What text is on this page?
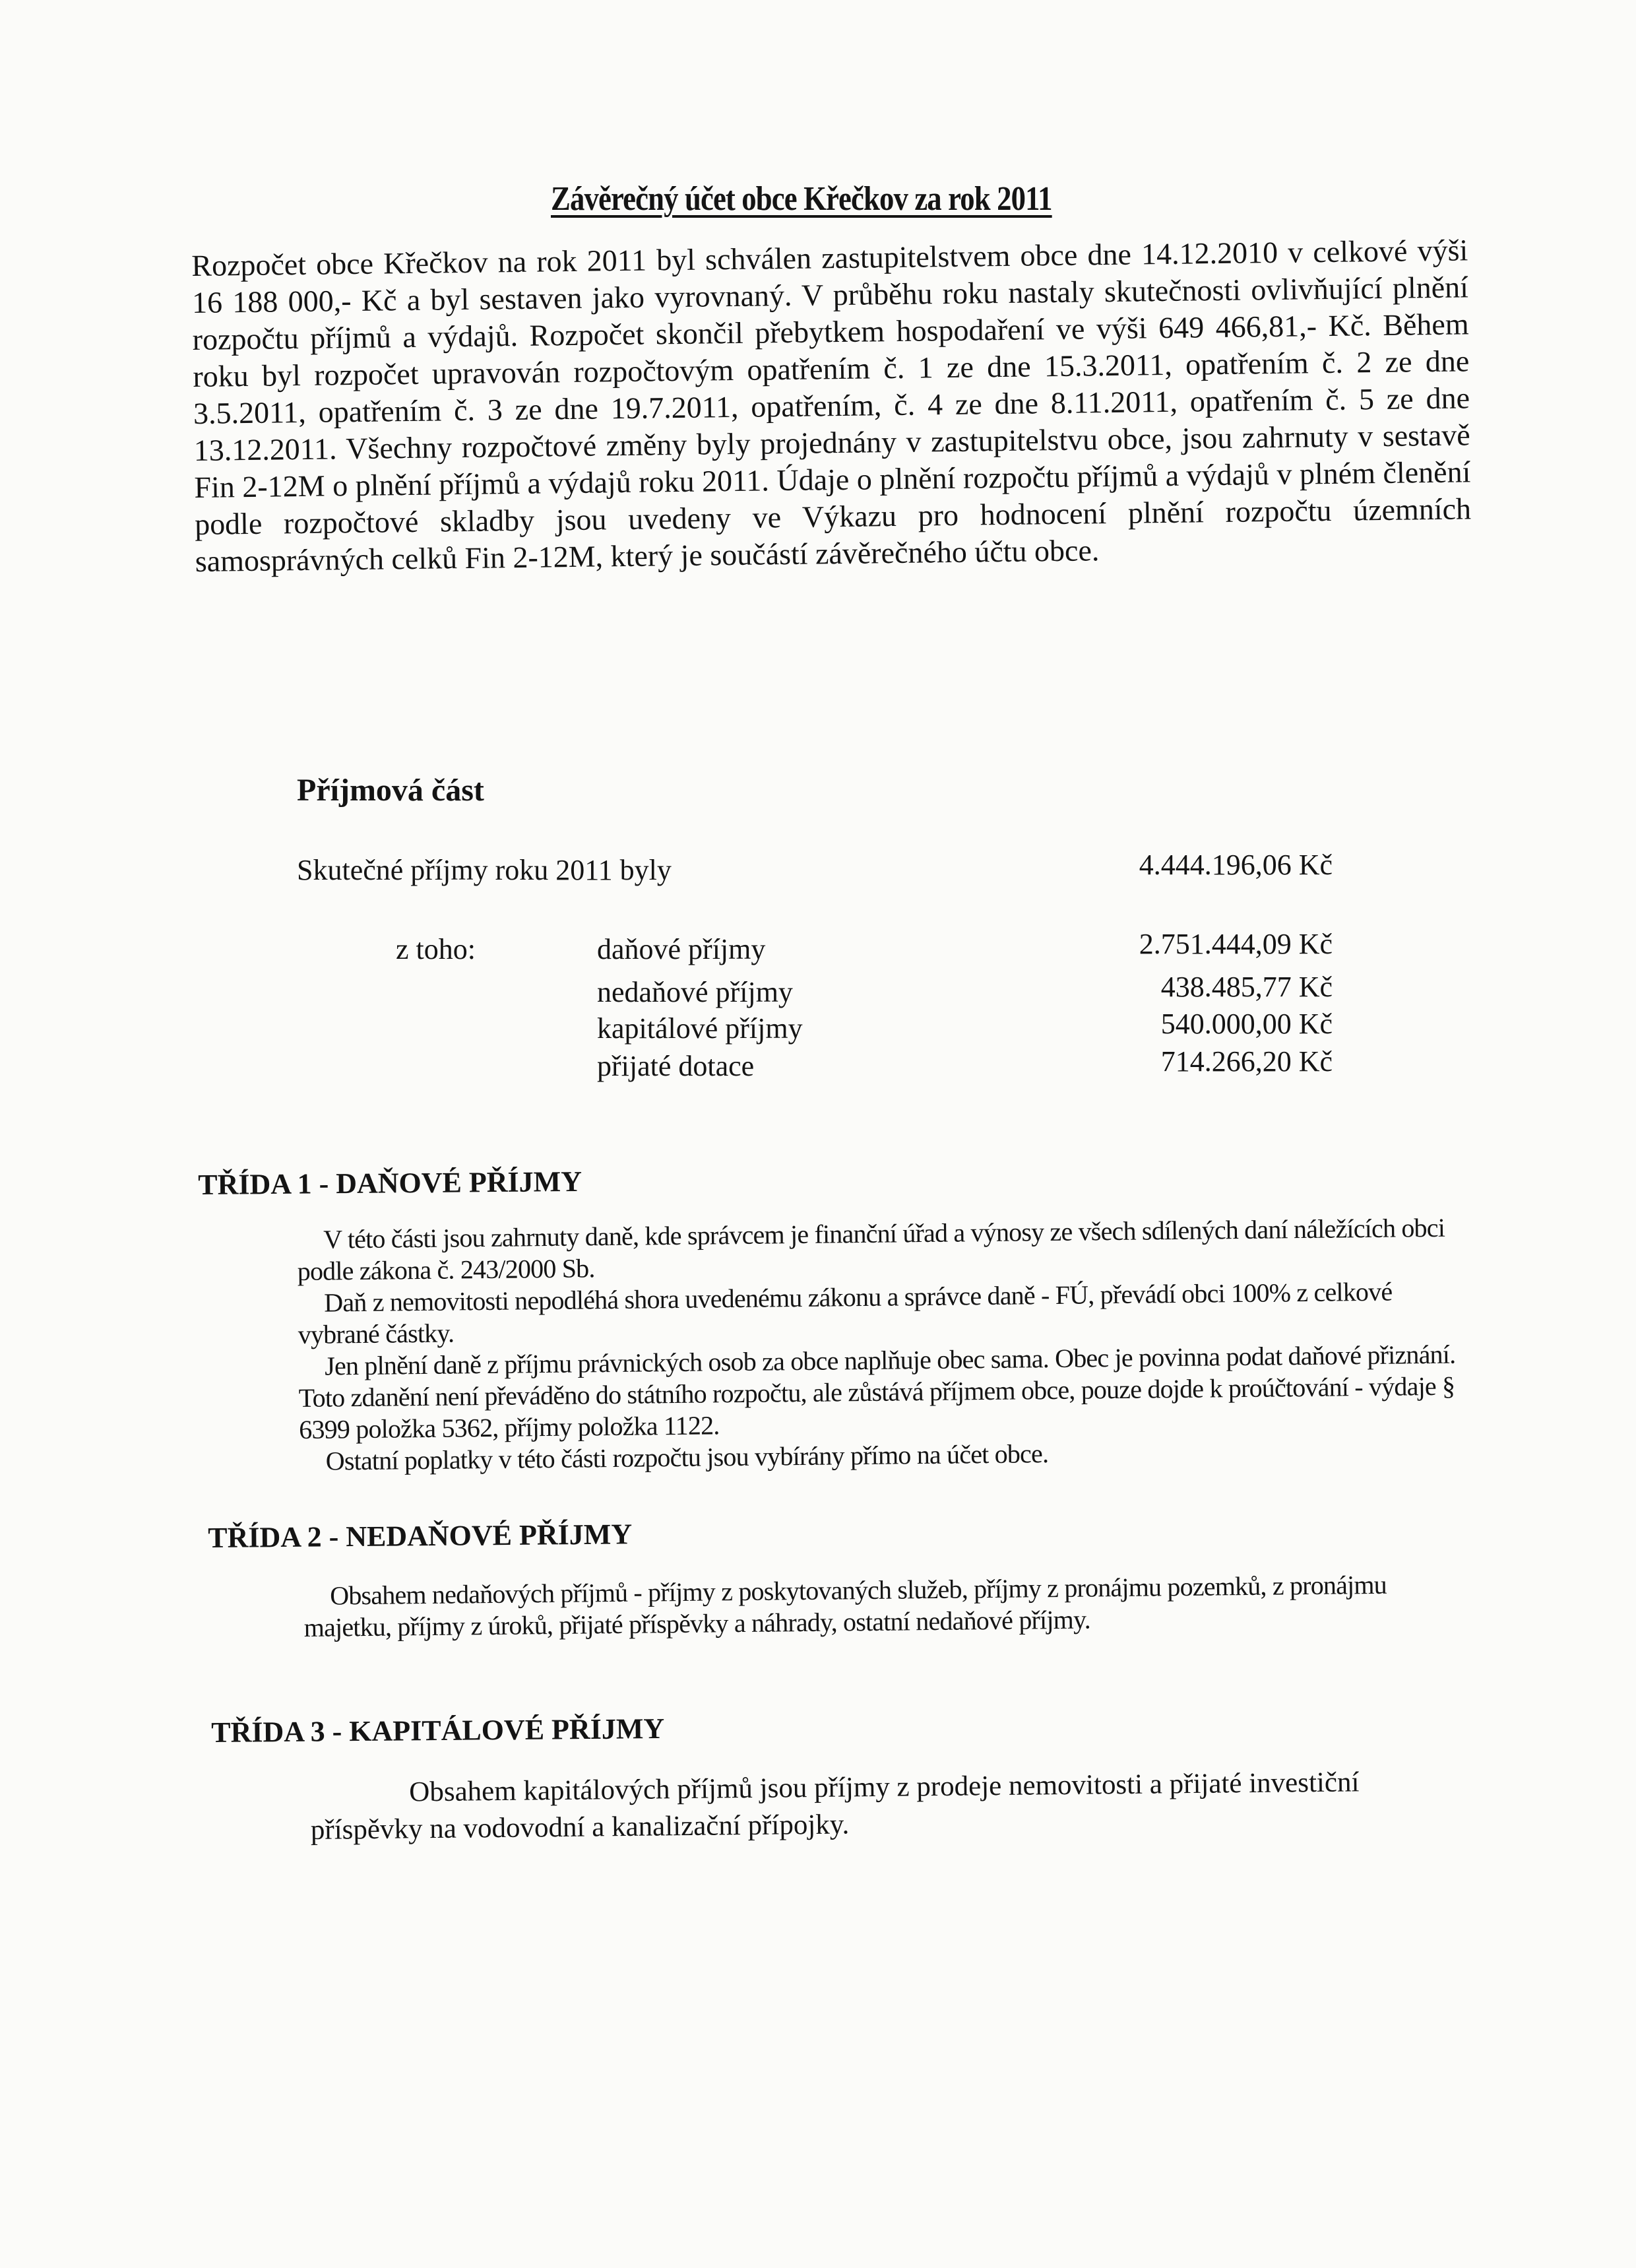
Závěrečný účet obce Křečkov za rok 2011

Rozpočet obce Křečkov na rok 2011 byl schválen zastupitelstvem obce dne 14.12.2010 v celkové výši 16 188 000,- Kč a byl sestaven jako vyrovnaný. V průběhu roku nastaly skutečnosti ovlivňující plnění rozpočtu příjmů a výdajů. Rozpočet skončil přebytkem hospodaření ve výši 649 466,81,- Kč. Během roku byl rozpočet upravován rozpočtovým opatřením č. 1 ze dne 15.3.2011, opatřením č. 2 ze dne 3.5.2011, opatřením č. 3 ze dne 19.7.2011, opatřením, č. 4 ze dne 8.11.2011, opatřením č. 5 ze dne 13.12.2011. Všechny rozpočtové změny byly projednány v zastupitelstvu obce, jsou zahrnuty v sestavě Fin 2-12M o plnění příjmů a výdajů roku 2011. Údaje o plnění rozpočtu příjmů a výdajů v plném členění podle rozpočtové skladby jsou uvedeny ve Výkazu pro hodnocení plnění rozpočtu územních samosprávných celků Fin 2-12M, který je součástí závěrečného účtu obce.

Příjmová část
Skutečné příjmy roku 2011 byly	4.444.196,06 Kč
z toho:	daňové příjmy	2.751.444,09 Kč
nedaňové příjmy	438.485,77 Kč
kapitálové příjmy	540.000,00 Kč
přijaté dotace	714.266,20 Kč
TŘÍDA 1 - DAŇOVÉ PŘÍJMY

V této části jsou zahrnuty daně, kde správcem je finanční úřad a výnosy ze všech sdílených daní náležících obci podle zákona č. 243/2000 Sb.

Daň z nemovitosti nepodléhá shora uvedenému zákonu a správce daně - FÚ, převádí obci 100% z celkové vybrané částky.

Jen plnění daně z příjmu právnických osob za obce naplňuje obec sama. Obec je povinna podat daňové přiznání. Toto zdanění není převáděno do státního rozpočtu, ale zůstává příjmem obce, pouze dojde k proúčtování - výdaje § 6399 položka 5362, příjmy položka 1122.

Ostatní poplatky v této části rozpočtu jsou vybírány přímo na účet obce.

TŘÍDA 2 - NEDAŇOVÉ PŘÍJMY

Obsahem nedaňových příjmů - příjmy z poskytovaných služeb, příjmy z pronájmu pozemků, z pronájmu majetku, příjmy z úroků, přijaté příspěvky a náhrady, ostatní nedaňové příjmy.

TŘÍDA 3 - KAPITÁLOVÉ PŘÍJMY

Obsahem kapitálových příjmů jsou příjmy z prodeje nemovitosti a přijaté investiční příspěvky na vodovodní a kanalizační přípojky.
